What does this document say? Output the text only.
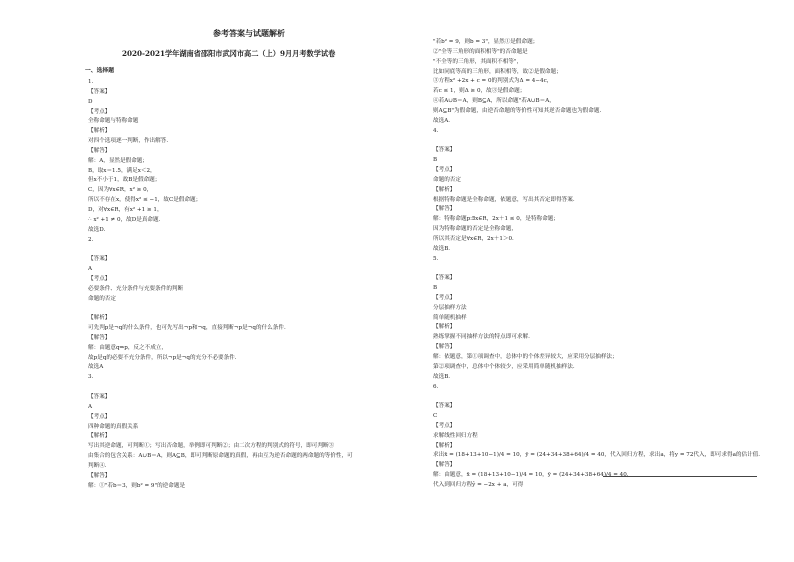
参考答案与试题解析
2020-2021学年湖南省邵阳市武冈市高二（上）9月月考数学试卷
一、选择题
1.
【答案】
D
【考点】
全称命题与特称命题
【解析】
对四个选项逐一判断，作出解答.
【解答】
解：A，显然是假命题；
B，取x＝1.5，满足x＜2，
但x不小于1，故B是假命题；
C，因为∀x∈R，x² ≥ 0，
所以不存在x，使得x² ≤ −1，故C是假命题；
D，对∀x∈R，有x² +1 ≥ 1，
∴ x² +1 ≠ 0，故D是真命题.
故选D.
2.

【答案】
A
【考点】
必要条件、充分条件与充要条件的判断
命题的否定

【解析】
可先判p是¬q的什么条件，也可先写出¬p和¬q，直接判断¬p是¬q的什么条件.
【解答】
解：由题意q⇒p，反之不成立，
故p是q的必要不充分条件，所以¬p是¬q的充分不必要条件.
故选A
3.

【答案】
A
【考点】
四种命题的真假关系
【解析】
写出其逆命题，可判断①；写出否命题，举例即可判断②；由二次方程的判别式的符号，即可判断③
由集合的包含关系：A∪B＝A，则A⊆B，即可判断原命题的真假，再由互为逆否命题的两命题的等价性，可
判断④.
【解答】
解：①"若b＝3，则b² = 9"的逆命题是
"若b² = 9，则b = 3"，显然①是假命题；
②"全等三角形的面积相等"的否命题是
"不全等的三角形，其面积不相等"，
比如同底等高的三角形，面积相等，故②是假命题；
③方程x² +2x + c = 0的判别式为Δ = 4−4c，
若c ≤ 1，则Δ ≥ 0，故③是假命题；
④若A∪B＝A，则B⊆A，所以命题"若A∪B＝A，
则A⊆B"为假命题，由逆否命题的等价性可知其逆否命题也为假命题.
故选A.
4.

【答案】
B
【考点】
命题的否定
【解析】
根据特称命题是全称命题，依题意，写出其否定即得答案.
【解答】
解：特称命题p:∃x∈R，2x＋1 ≤ 0，是特称命题；
因为特称命题的否定是全称命题，
所以其否定是∀x∈R，2x＋1＞0.
故选B.
5.

【答案】
B
【考点】
分层抽样方法
简单随机抽样
【解析】
熟练掌握不同抽样方法的特点即可求解.
【解答】
解：依题意，第①项调查中，总体中的个体差异较大，应采用分层抽样法；
第②项调查中，总体中个体较少，应采用简单随机抽样法.
故选B.
6.

【答案】
C
【考点】
求解线性回归方程
【解析】
求出x̄ = (18+13+10−1)/4 = 10，ȳ = (24+34+38+64)/4 = 40，代入回归方程，求出a，将y = 72代入，即可求得a的估计值.
【解答】
解：由题意，x̄ = (18+13+10−1)/4 = 10，ȳ = (24+34+38+64)/4 = 40，
代入到回归方程ŷ = −2x + a，可得
